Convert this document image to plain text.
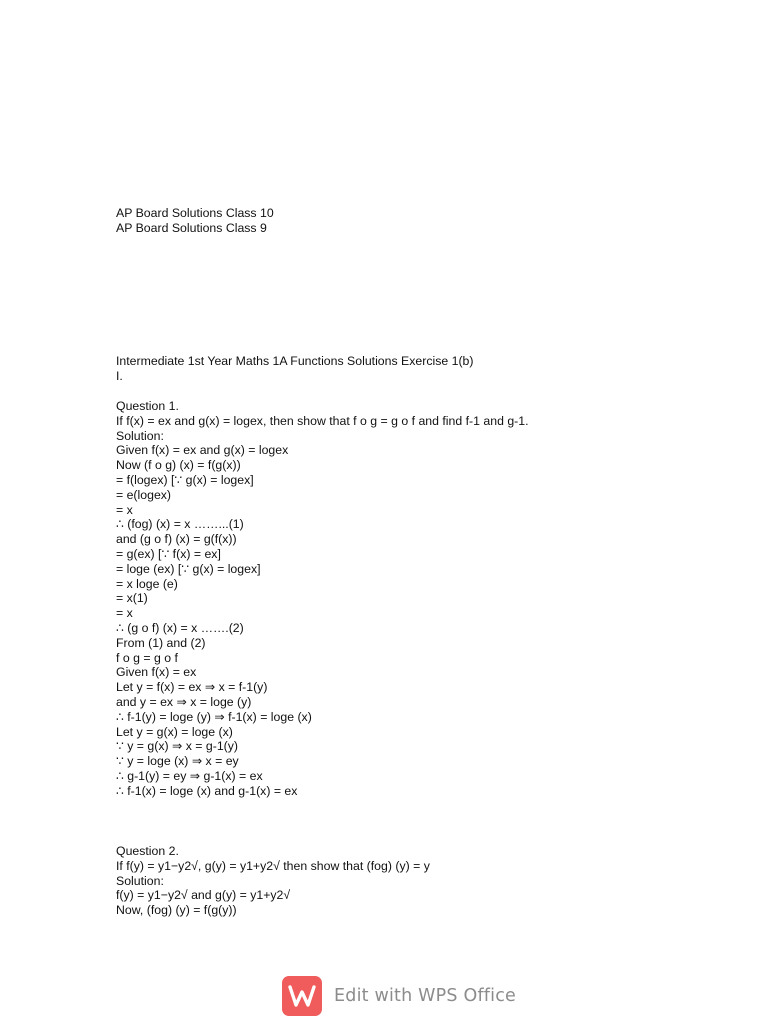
AP Board Solutions Class 10
AP Board Solutions Class 9
Intermediate 1st Year Maths 1A Functions Solutions Exercise 1(b)
I.
Question 1.
If f(x) = ex and g(x) = logex, then show that f o g = g o f and find f-1 and g-1.
Solution:
Given f(x) = ex and g(x) = logex
Now (f o g) (x) = f(g(x))
= f(logex) [∵ g(x) = logex]
= e(logex)
= x
∴ (fog) (x) = x ……...(1)
and (g o f) (x) = g(f(x))
= g(ex) [∵ f(x) = ex]
= loge (ex) [∵ g(x) = logex]
= x loge (e)
= x(1)
= x
∴ (g o f) (x) = x …….(2)
From (1) and (2)
f o g = g o f
Given f(x) = ex
Let y = f(x) = ex ⇒ x = f-1(y)
and y = ex ⇒ x = loge (y)
∴ f-1(y) = loge (y) ⇒ f-1(x) = loge (x)
Let y = g(x) = loge (x)
∵ y = g(x) ⇒ x = g-1(y)
∵ y = loge (x) ⇒ x = ey
∴ g-1(y) = ey ⇒ g-1(x) = ex
∴ f-1(x) = loge (x) and g-1(x) = ex
Question 2.
If f(y) = y1−y2√, g(y) = y1+y2√ then show that (fog) (y) = y
Solution:
f(y) = y1−y2√ and g(y) = y1+y2√
Now, (fog) (y) = f(g(y))
Edit with WPS Office
